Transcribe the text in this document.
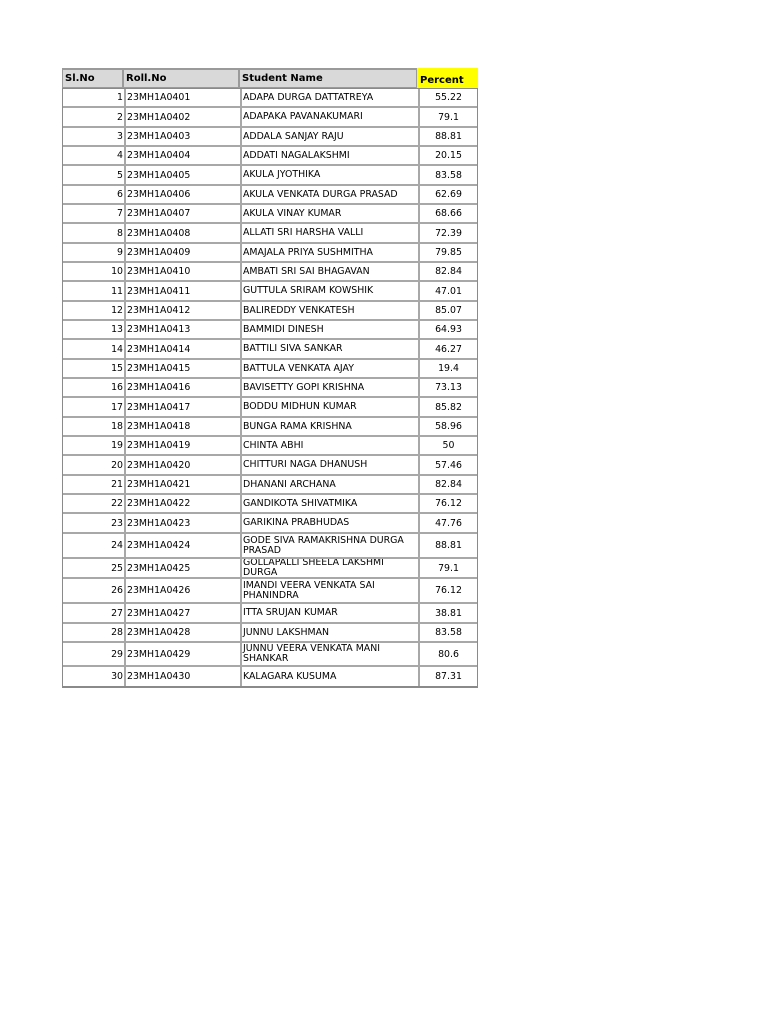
Sl.No	Roll.No	Student Name	Percent
1 23MH1A0401	ADAPA DURGA DATTATREYA	55.22
2 23MH1A0402	ADAPAKA PAVANAKUMARI	79.1
3 23MH1A0403	ADDALA SANJAY RAJU	88.81
4 23MH1A0404	ADDATI NAGALAKSHMI	20.15
5 23MH1A0405	AKULA JYOTHIKA	83.58
6 23MH1A0406	AKULA VENKATA DURGA PRASAD	62.69
7 23MH1A0407	AKULA VINAY KUMAR	68.66
8 23MH1A0408	ALLATI SRI HARSHA VALLI	72.39
9 23MH1A0409	AMAJALA PRIYA SUSHMITHA	79.85
10 23MH1A0410	AMBATI SRI SAI BHAGAVAN	82.84
11 23MH1A0411	GUTTULA SRIRAM KOWSHIK	47.01
12 23MH1A0412	BALIREDDY VENKATESH	85.07
13 23MH1A0413	BAMMIDI DINESH	64.93
14 23MH1A0414	BATTILI SIVA SANKAR	46.27
15 23MH1A0415	BATTULA VENKATA AJAY	19.4
16 23MH1A0416	BAVISETTY GOPI KRISHNA	73.13
17 23MH1A0417	BODDU MIDHUN KUMAR	85.82
18 23MH1A0418	BUNGA RAMA KRISHNA	58.96
19 23MH1A0419	CHINTA ABHI	50
20 23MH1A0420	CHITTURI NAGA DHANUSH	57.46
21 23MH1A0421	DHANANI ARCHANA	82.84
22 23MH1A0422	GANDIKOTA SHIVATMIKA	76.12
23 23MH1A0423	GARIKINA PRABHUDAS	47.76
24 23MH1A0424	GODE SIVA RAMAKRISHNA DURGA PRASAD	88.81
25 23MH1A0425	GOLLAPALLI SHEELA LAKSHMI DURGA	79.1
26 23MH1A0426	IMANDI VEERA VENKATA SAI PHANINDRA	76.12
27 23MH1A0427	ITTA SRUJAN KUMAR	38.81
28 23MH1A0428	JUNNU LAKSHMAN	83.58
29 23MH1A0429	JUNNU VEERA VENKATA MANI SHANKAR	80.6
30 23MH1A0430	KALAGARA KUSUMA	87.31
